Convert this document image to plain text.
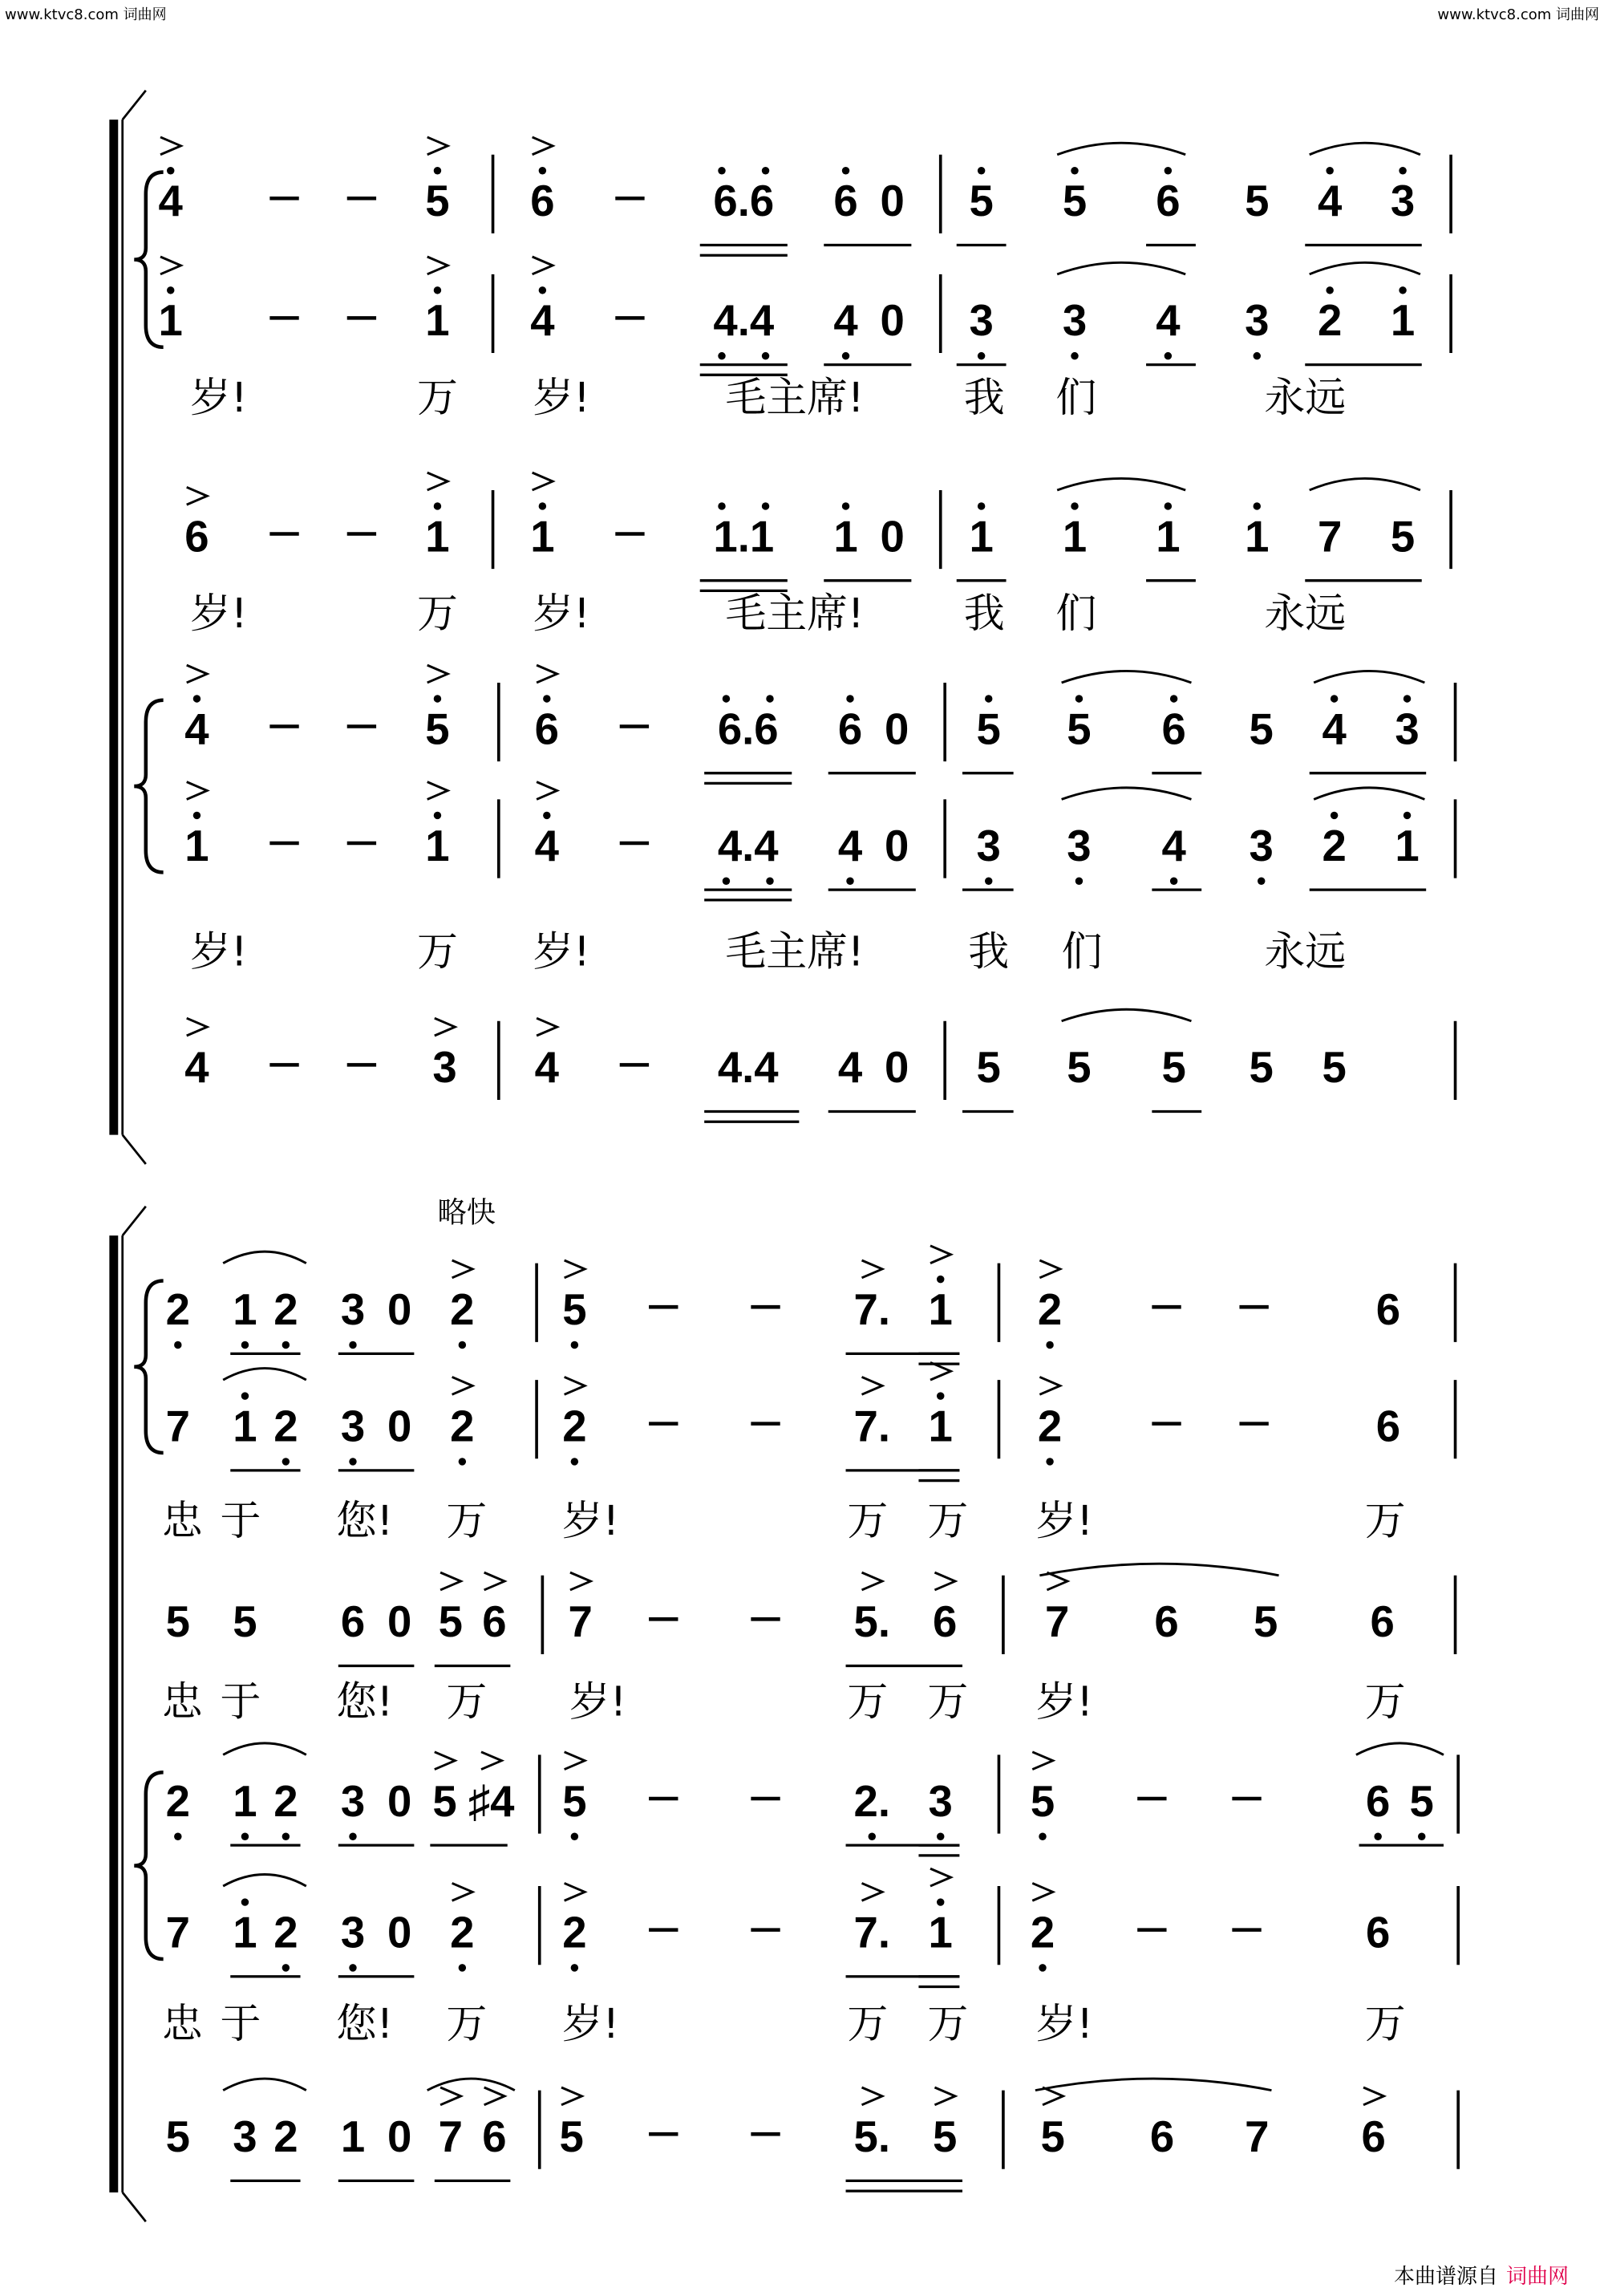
www.ktvc8.com 词曲网	www.ktvc8.com 词曲网
略快
4	5	6	6.6 6 0	5	5	6	5 4 3
1	1	4	4.4 4 0	3	3	4	3 2 1
岁!	万	岁!	毛主席!	我 们	永远
6	1	1	1.1 1 0	1	1	1	1 7 5
岁!	万	岁!	毛主席!	我 们	永远
4	5	6	6.6 6 0	5	5	6	5 4 3
1	1	4	4.4 4 0	3	3	4	3 2 1
岁!	万	岁!	毛主席!	我 们	永远
4	3	4	4.4 4 0	5	5	5	5 5
2 1 2 3 0 2	5	7. 1	2	6
7 1 2 3 0 2	2	7. 1	2	6
忠 于	您! 万	岁!	万 万	岁!	万
5 5	6 0 5 6	7	5. 6	7	6	5	6
忠 于	您! 万	岁!	万 万	岁!	万
2 1 2 3 0 5 ♯4 5	2. 3	5	6 5
7 1 2 3 0 2	2	7. 1	2	6
忠 于	您! 万	岁!	万 万	岁!	万
5 3 2 1 0 7 6 5	5. 5	5	6	7	6
本曲谱源自 词曲网
